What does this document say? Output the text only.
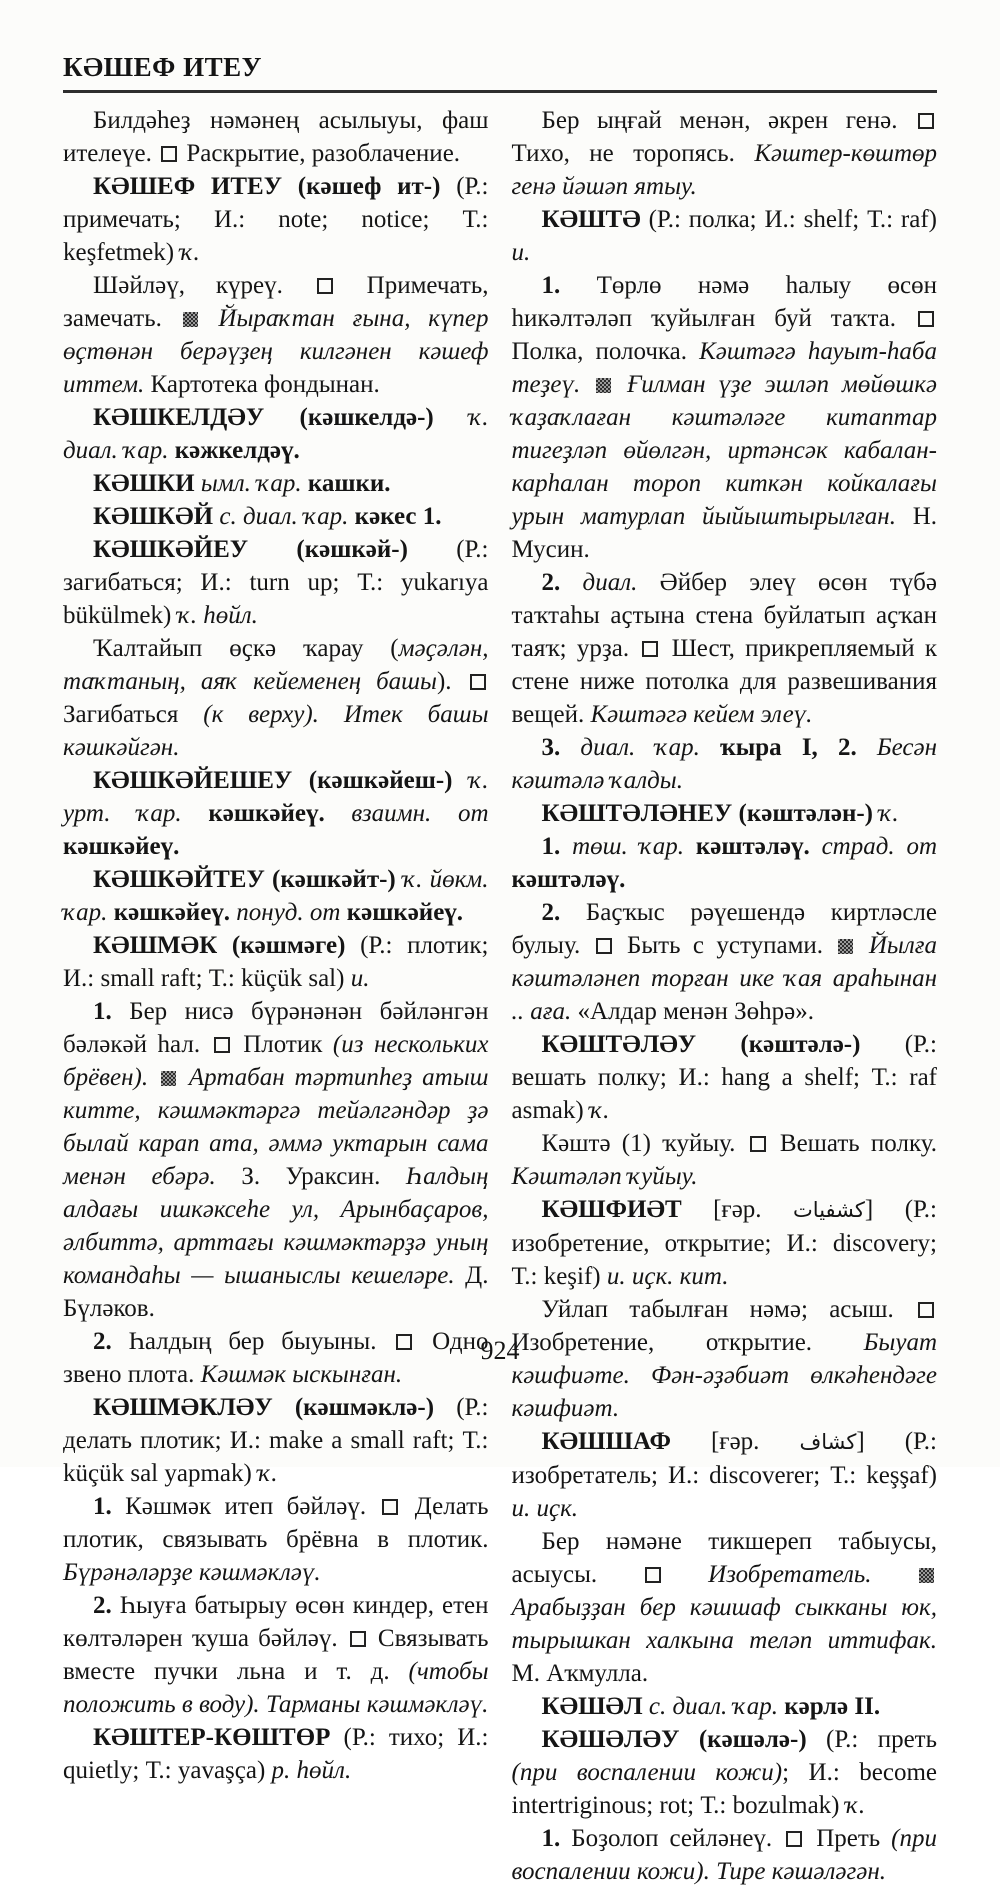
КӘШЕФ ИТЕУ

Билдәһеҙ нәмәнең асылыуы, фаш ителеүе.  Раскрытие, разоблачение.

КӘШЕФ ИТЕУ (кәшеф ит-) (Р.: примечать; И.: note; notice; Т.: keşfetmek) ҡ.

Шәйләү, күреү.  Примечать, замечать.  Йыраҡтан ғына, күпер өҫтөнән берәүҙең килгәнен кәшеф иттем. Картотека фондынан.

КӘШКЕЛДӘУ (кәшкелдә-) ҡ. диал. ҡар. кәжкелдәү.

КӘШКИ ымл. ҡар. кашки.

КӘШКӘЙ с. диал. ҡар. кәкес 1.

КӘШКӘЙЕУ (кәшкәй-) (Р.: загибаться; И.: turn up; Т.: yukarıya bükülmek) ҡ. һөйл.

Ҡалтайып өҫкә ҡарау (мәҫәлән, таҡтаның, аяҡ кейеменең башы).  Загибаться (к верху). Итек башы кәшкәйгән.

КӘШКӘЙЕШЕУ (кәшкәйеш-) ҡ. урт. ҡар. кәшкәйеү. взаимн. от кәшкәйеү.

КӘШКӘЙТЕУ (кәшкәйт-) ҡ. йөкм. ҡар. кәшкәйеү. понуд. от кәшкәйеү.

КӘШМӘК (кәшмәге) (Р.: плотик; И.: small raft; Т.: küçük sal) и.

1. Бер нисә бүрәнәнән бәйләнгән бәләкәй һал.  Плотик (из нескольких брёвен).  Артабан тәртипһеҙ атыш китте, кәшмәктәргә тейәлгәндәр ҙә былай карап ата, әммә уктарын сама менән ебәрә. З. Ураксин. Һалдың алдағы ишкәксеһе ул, Арынбаҫаров, әлбиттә, арттағы кәшмәктәрҙә уның командаһы — ышаныслы кешеләре. Д. Бүләков.

2. Һалдың бер быуыны.  Одно звено плота. Кәшмәк ыскынған.

КӘШМӘКЛӘУ (кәшмәклә-) (Р.: делать плотик; И.: make a small raft; Т.: küçük sal yapmak) ҡ.

1. Кәшмәк итеп бәйләү.  Делать плотик, связывать брёвна в плотик. Бүрәнәләрҙе кәшмәкләү.

2. Һыуға батырыу өсөн киндер, етен көлтәләрен ҡуша бәйләү.  Связывать вместе пучки льна и т. д. (чтобы положить в воду). Тарманы кәшмәкләү.

КӘШТЕР-КӨШТӨР (Р.: тихо; И.: quietly; Т.: yavaşça) р. һөйл.

Бер ыңғай менән, әкрен генә.  Тихо, не торопясь. Кәштер-көштөр генә йәшәп ятыу.

КӘШТӘ (Р.: полка; И.: shelf; Т.: raf) и.

1. Төрлө нәмә һалыу өсөн һикәлтәләп ҡуйылған буй таҡта.  Полка, полочка. Кәштәгә һауыт-һаба теҙеү.  Ғилман үҙе эшләп мөйөшкә ҡаҙаҡлаған кәштәләге китаптар тигеҙләп өйөлгән, иртәнсәк кабалан-карһалан тороп киткән койкалағы урын матурлап йыйыштырылған. Н. Мусин.

2. диал. Әйбер элеү өсөн түбә таҡтаһы аҫтына стена буйлатып аҫҡан таяҡ; урҙа.  Шест, прикрепляемый к стене ниже потолка для развешивания вещей. Кәштәгә кейем элеү.

3. диал. ҡар. ҡыра I, 2. Бесән кәштәлә ҡалды.

КӘШТӘЛӘНЕУ (кәштәлән-) ҡ.

1. төш. ҡар. кәштәләү. страд. от кәштәләү.

2. Баҫҡыс рәүешендә киртләсле булыу.  Быть с уступами.  Йылға кәштәләнеп торған ике ҡая араһынан .. аға. «Алдар менән Зөһрә».

КӘШТӘЛӘУ (кәштәлә-) (Р.: вешать полку; И.: hang a shelf; Т.: raf asmak) ҡ.

Кәштә (1) ҡуйыу.  Вешать полку. Кәштәләп ҡуйыу.

КӘШФИӘТ [ғәр. كشفيات] (Р.: изобретение, открытие; И.: discovery; Т.: keşif) и. иҫк. кит.

Уйлап табылған нәмә; асыш.  Изобретение, открытие. Быуат кәшфиәте. Фән-әҙәбиәт өлкәһендәге кәшфиәт.

КӘШШАФ [ғәр. كشاف] (Р.: изобретатель; И.: discoverer; Т.: keşşaf) и. иҫк.

Бер нәмәне тикшереп табыусы, асыусы.  Изобретатель.  Арабыҙҙан бер кәшшаф сыкканы юк, тырышкан халкына теләп иттифак. М. Аҡмулла.

КӘШӘЛ с. диал. ҡар. кәрлә II.

КӘШӘЛӘУ (кәшәлә-) (Р.: преть (при воспалении кожи); И.: become intertriginous; rot; Т.: bozulmak) ҡ.

1. Боҙолоп сейләнеү.  Преть (при воспалении кожи). Тире кәшәләгән.

924
